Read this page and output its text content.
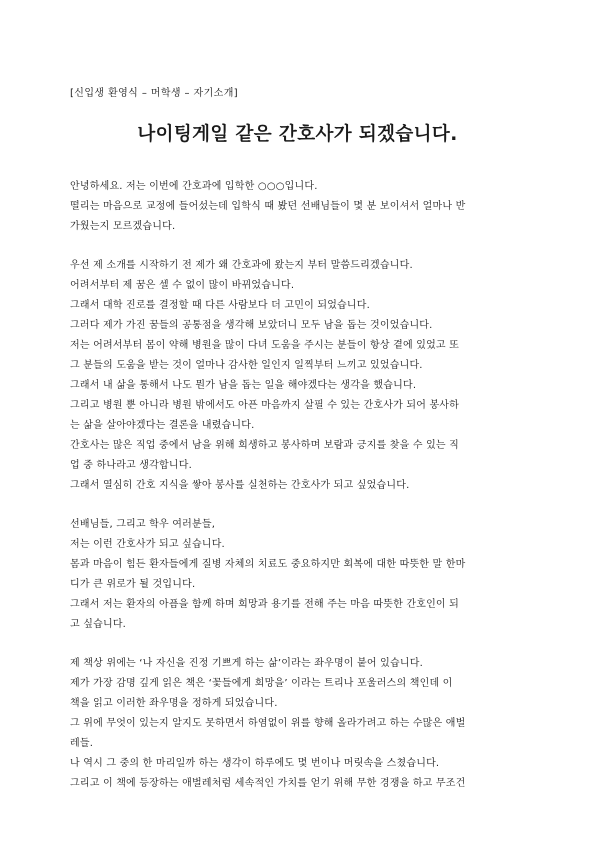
[신입생 환영식 – 머학생 – 자기소개]
나이팅게일 같은 간호사가 되겠습니다.
안녕하세요. 저는 이번에 간호과에 입학한 ○○○입니다.
떨리는 마음으로 교정에 들어섰는데 입학식 때 봤던 선배님들이 몇 분 보이셔서 얼마나 반
가웠는지 모르겠습니다.
우선 제 소개를 시작하기 전 제가 왜 간호과에 왔는지 부터 말씀드리겠습니다.
어려서부터 제 꿈은 셀 수 없이 많이 바뀌었습니다.
그래서 대학 진로를 결정할 때 다른 사람보다 더 고민이 되었습니다.
그러다 제가 가진 꿈들의 공통점을 생각해 보았더니 모두 남을 돕는 것이었습니다.
저는 어려서부터 몸이 약해 병원을 많이 다녀 도움을 주시는 분들이 항상 곁에 있었고 또
그 분들의 도움을 받는 것이 얼마나 감사한 일인지 일찍부터 느끼고 있었습니다.
그래서 내 삶을 통해서 나도 뭔가 남을 돕는 일을 해야겠다는 생각을 했습니다.
그리고 병원 뿐 아니라 병원 밖에서도 아픈 마음까지 살필 수 있는 간호사가 되어 봉사하
는 삶을 살아야겠다는 결론을 내렸습니다.
간호사는 많은 직업 중에서 남을 위해 희생하고 봉사하며 보람과 긍지를 찾을 수 있는 직
업 중 하나라고 생각합니다.
그래서 열심히 간호 지식을 쌓아 봉사를 실천하는 간호사가 되고 싶었습니다.
선배님들, 그리고 학우 여러분들,
저는 이런 간호사가 되고 싶습니다.
몸과 마음이 힘든 환자들에게 질병 자체의 치료도 중요하지만 회복에 대한 따뜻한 말 한마
디가 큰 위로가 될 것입니다.
그래서 저는 환자의 아픔을 함께 하며 희망과 용기를 전해 주는 마음 따뜻한 간호인이 되
고 싶습니다.
제 책상 위에는 ‘나 자신을 진정 기쁘게 하는 삶’이라는 좌우명이 붙어 있습니다.
제가 가장 감명 깊게 읽은 책은 ‘꽃들에게 희망을’ 이라는 트리나 포울러스의 책인데 이
책을 읽고 이러한 좌우명을 정하게 되었습니다.
그 위에 무엇이 있는지 알지도 못하면서 하염없이 위를 향해 올라가려고 하는 수많은 애벌
레들.
나 역시 그 중의 한 마리일까 하는 생각이 하루에도 몇 번이나 머릿속을 스쳤습니다.
그리고 이 책에 등장하는 애벌레처럼 세속적인 가치를 얻기 위해 무한 경쟁을 하고 무조건
